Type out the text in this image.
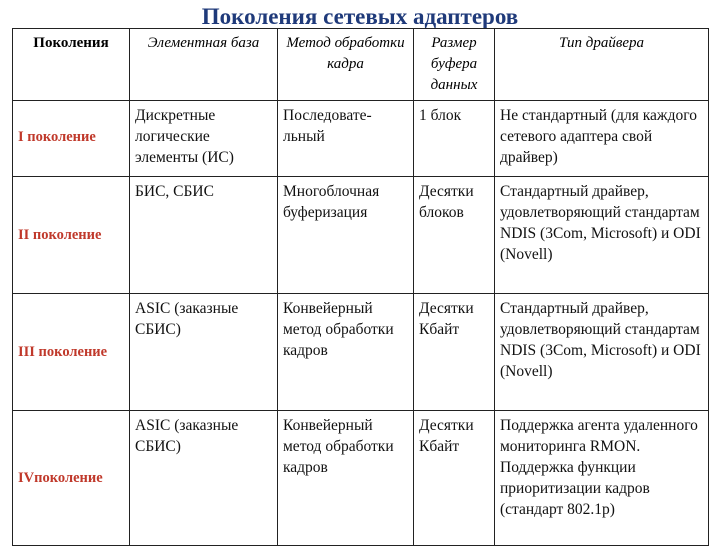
Поколения сетевых адаптеров
Поколения	Элементная база	Метод обработки кадра	Размер буфера данных	Тип драйвера
I поколение	Дискретные логические элементы (ИС)	Последовате-льный	1 блок	Не стандартный (для каждого сетевого адаптера свой драйвер)
II поколение	БИС, СБИС	Многоблочная буферизация	Десятки блоков	Стандартный драйвер, удовлетворяющий стандартам NDIS (3Com, Microsoft) и ODI (Novell)
III поколение	ASIC (заказные СБИС)	Конвейерный метод обработки кадров	Десятки Кбайт	Стандартный драйвер, удовлетворяющий стандартам NDIS (3Com, Microsoft) и ODI (Novell)
IVпоколение	ASIC (заказные СБИС)	Конвейерный метод обработки кадров	Десятки Кбайт	Поддержка агента удаленного мониторинга RMON. Поддержка функции приоритизации кадров (стандарт 802.1p)
